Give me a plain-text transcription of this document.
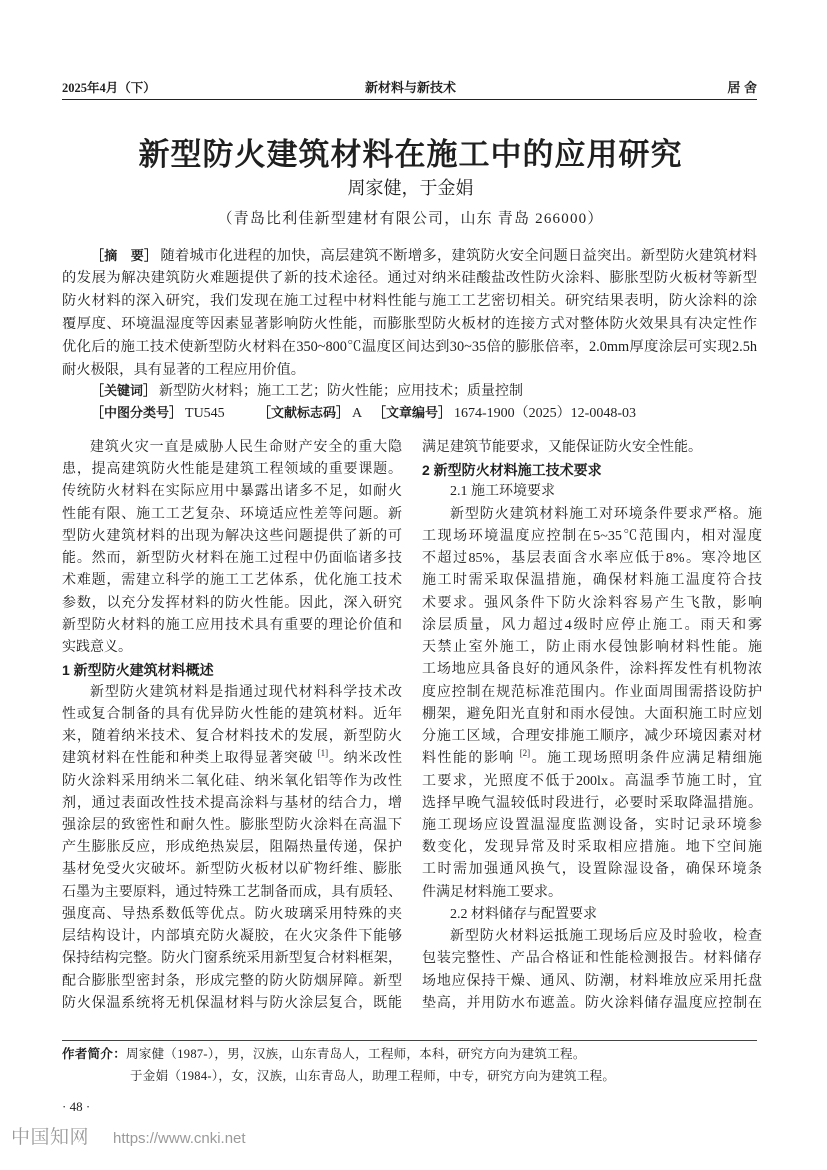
2025年4月（下）	新材料与新技术	居 舍
新型防火建筑材料在施工中的应用研究
周家健，于金娟
（青岛比利佳新型建材有限公司，山东 青岛 266000）
［摘　要］ 随着城市化进程的加快，高层建筑不断增多，建筑防火安全问题日益突出。新型防火建筑材料
的发展为解决建筑防火难题提供了新的技术途径。通过对纳米硅酸盐改性防火涂料、膨胀型防火板材等新型
防火材料的深入研究，我们发现在施工过程中材料性能与施工工艺密切相关。研究结果表明，防火涂料的涂
覆厚度、环境温湿度等因素显著影响防火性能，而膨胀型防火板材的连接方式对整体防火效果具有决定性作
优化后的施工技术使新型防火材料在350~800℃温度区间达到30~35倍的膨胀倍率，2.0mm厚度涂层可实现2.5h
耐火极限，具有显著的工程应用价值。
［关键词］ 新型防火材料；施工工艺；防火性能；应用技术；质量控制
［中图分类号］ TU545	［文献标志码］ A ［文章编号］ 1674-1900（2025）12-0048-03
建筑火灾一直是威胁人民生命财产安全的重大隐
患，提高建筑防火性能是建筑工程领域的重要课题。
传统防火材料在实际应用中暴露出诸多不足，如耐火
性能有限、施工工艺复杂、环境适应性差等问题。新
型防火建筑材料的出现为解决这些问题提供了新的可
能。然而，新型防火材料在施工过程中仍面临诸多技
术难题，需建立科学的施工工艺体系，优化施工技术
参数，以充分发挥材料的防火性能。因此，深入研究
新型防火材料的施工应用技术具有重要的理论价值和
实践意义。
1 新型防火建筑材料概述
新型防火建筑材料是指通过现代材料科学技术改
性或复合制备的具有优异防火性能的建筑材料。近年
来，随着纳米技术、复合材料技术的发展，新型防火
建筑材料在性能和种类上取得显著突破 [1]。纳米改性
防火涂料采用纳米二氧化硅、纳米氧化铝等作为改性
剂，通过表面改性技术提高涂料与基材的结合力，增
强涂层的致密性和耐久性。膨胀型防火涂料在高温下
产生膨胀反应，形成绝热炭层，阻隔热量传递，保护
基材免受火灾破坏。新型防火板材以矿物纤维、膨胀
石墨为主要原料，通过特殊工艺制备而成，具有质轻、
强度高、导热系数低等优点。防火玻璃采用特殊的夹
层结构设计，内部填充防火凝胶，在火灾条件下能够
保持结构完整。防火门窗系统采用新型复合材料框架，
配合膨胀型密封条，形成完整的防火防烟屏障。新型
防火保温系统将无机保温材料与防火涂层复合，既能
满足建筑节能要求，又能保证防火安全性能。
2 新型防火材料施工技术要求
2.1 施工环境要求
新型防火建筑材料施工对环境条件要求严格。施
工现场环境温度应控制在5~35℃范围内，相对湿度
不超过85%，基层表面含水率应低于8%。寒冷地区
施工时需采取保温措施，确保材料施工温度符合技
术要求。强风条件下防火涂料容易产生飞散，影响
涂层质量，风力超过4级时应停止施工。雨天和雾
天禁止室外施工，防止雨水侵蚀影响材料性能。施
工场地应具备良好的通风条件，涂料挥发性有机物浓
度应控制在规范标准范围内。作业面周围需搭设防护
棚架，避免阳光直射和雨水侵蚀。大面积施工时应划
分施工区域，合理安排施工顺序，减少环境因素对材
料性能的影响 [2]。施工现场照明条件应满足精细施
工要求，光照度不低于200lx。高温季节施工时，宜
选择早晚气温较低时段进行，必要时采取降温措施。
施工现场应设置温湿度监测设备，实时记录环境参
数变化，发现异常及时采取相应措施。地下空间施
工时需加强通风换气，设置除湿设备，确保环境条
件满足材料施工要求。
2.2 材料储存与配置要求
新型防火材料运抵施工现场后应及时验收，检查
包装完整性、产品合格证和性能检测报告。材料储存
场地应保持干燥、通风、防潮，材料堆放应采用托盘
垫高，并用防水布遮盖。防火涂料储存温度应控制在
作者简介：周家健（1987-），男，汉族，山东青岛人，工程师，本科，研究方向为建筑工程。
于金娟（1984-），女，汉族，山东青岛人，助理工程师，中专，研究方向为建筑工程。
· 48 ·
中国知网 https://www.cnki.net
